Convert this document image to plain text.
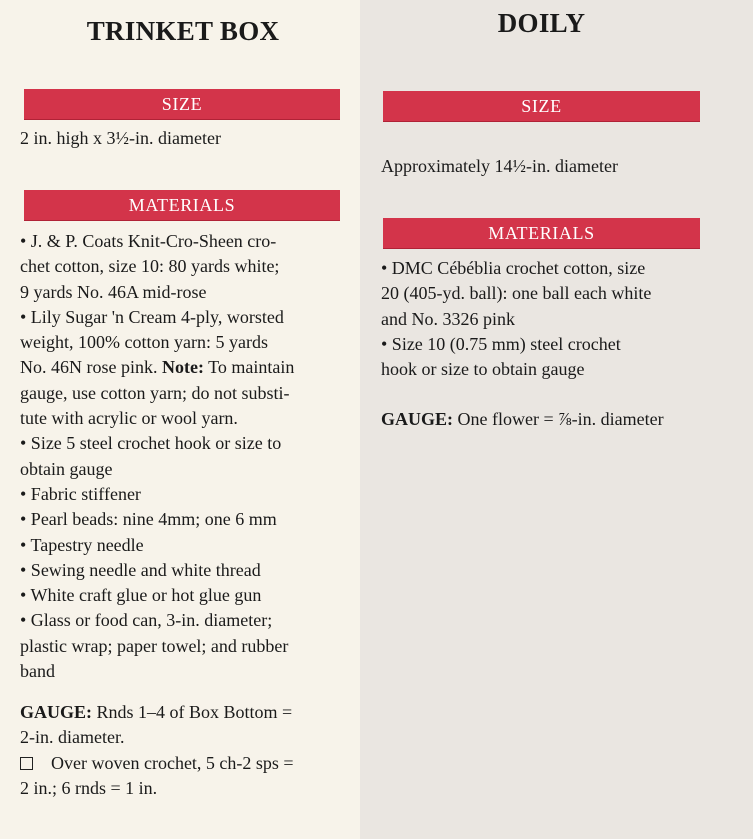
TRINKET BOX
SIZE

2 in. high x 3½-in. diameter

MATERIALS

• J. & P. Coats Knit-Cro-Sheen cro-

chet cotton, size 10: 80 yards white;

9 yards No. 46A mid-rose

• Lily Sugar 'n Cream 4-ply, worsted

weight, 100% cotton yarn: 5 yards

No. 46N rose pink. Note: To maintain

gauge, use cotton yarn; do not substi-

tute with acrylic or wool yarn.

• Size 5 steel crochet hook or size to

obtain gauge

• Fabric stiffener

• Pearl beads: nine 4mm; one 6 mm

• Tapestry needle

• Sewing needle and white thread

• White craft glue or hot glue gun

• Glass or food can, 3-in. diameter;

plastic wrap; paper towel; and rubber

band

GAUGE: Rnds 1–4 of Box Bottom =

2-in. diameter.

Over woven crochet, 5 ch-2 sps =

2 in.; 6 rnds = 1 in.

DOILY
SIZE

Approximately 14½-in. diameter

MATERIALS

• DMC Cébéblia crochet cotton, size

20 (405-yd. ball): one ball each white

and No. 3326 pink

• Size 10 (0.75 mm) steel crochet

hook or size to obtain gauge

GAUGE: One flower = ⅞-in. diameter
